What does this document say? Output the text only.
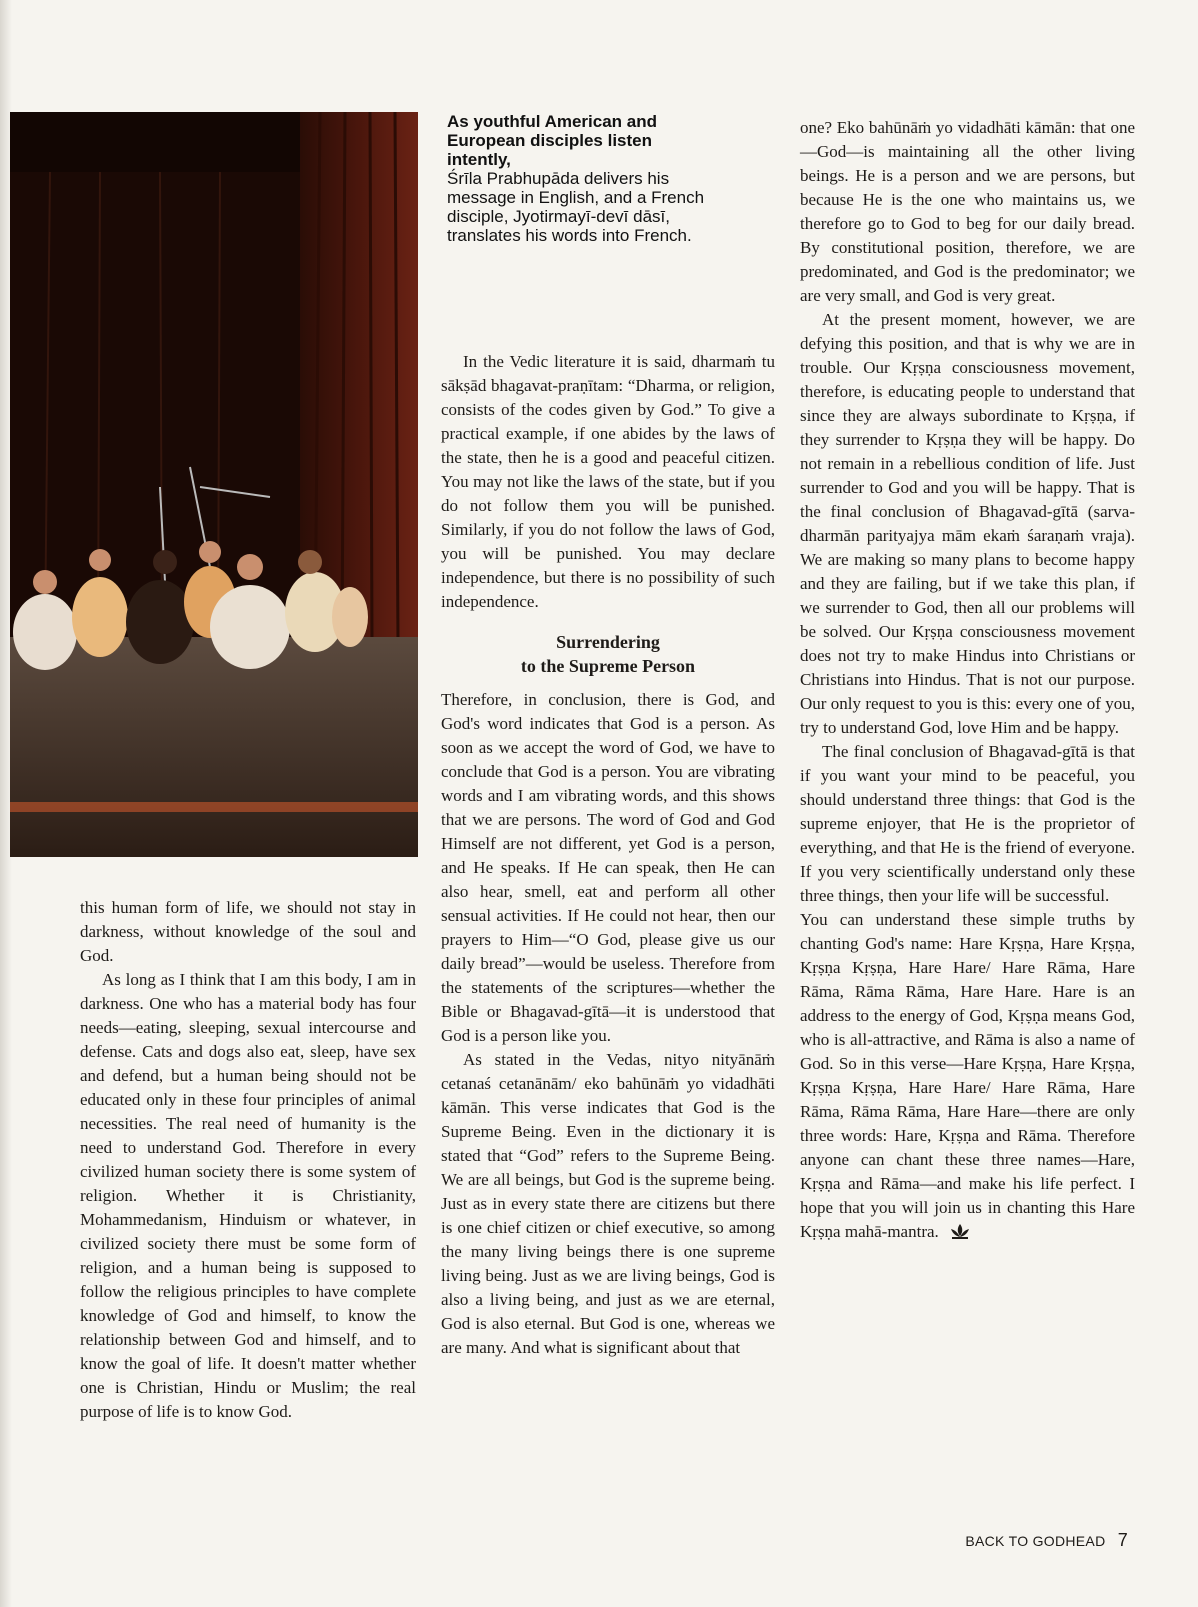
As youthful American and European disciples listen intently,
Śrīla Prabhupāda delivers his message in English, and a French disciple, Jyotirmayī-devī dāsī, translates his words into French.

this human form of life, we should not stay in darkness, without knowledge of the soul and God.

As long as I think that I am this body, I am in darkness. One who has a material body has four needs—eating, sleeping, sexual intercourse and defense. Cats and dogs also eat, sleep, have sex and defend, but a human being should not be educated only in these four principles of animal necessities. The real need of humanity is the need to understand God. Therefore in every civilized human society there is some system of religion. Whether it is Christianity, Mohammedanism, Hinduism or whatever, in civilized society there must be some form of religion, and a human being is supposed to follow the religious principles to have complete knowledge of God and himself, to know the relationship between God and himself, and to know the goal of life. It doesn't matter whether one is Christian, Hindu or Muslim; the real purpose of life is to know God.

In the Vedic literature it is said, dharmaṁ tu sākṣād bhagavat-praṇītam: “Dharma, or religion, consists of the codes given by God.” To give a practical example, if one abides by the laws of the state, then he is a good and peaceful citizen. You may not like the laws of the state, but if you do not follow them you will be punished. Similarly, if you do not follow the laws of God, you will be punished. You may declare independence, but there is no possibility of such independence.

Surrendering
to the Supreme Person

Therefore, in conclusion, there is God, and God's word indicates that God is a person. As soon as we accept the word of God, we have to conclude that God is a person. You are vibrating words and I am vibrating words, and this shows that we are persons. The word of God and God Himself are not different, yet God is a person, and He speaks. If He can speak, then He can also hear, smell, eat and perform all other sensual activities. If He could not hear, then our prayers to Him—“O God, please give us our daily bread”—would be useless. Therefore from the statements of the scriptures—whether the Bible or Bhagavad-gītā—it is understood that God is a person like you.

As stated in the Vedas, nityo nityānāṁ cetanaś cetanānām/ eko bahūnāṁ yo vidadhāti kāmān. This verse indicates that God is the Supreme Being. Even in the dictionary it is stated that “God” refers to the Supreme Being. We are all beings, but God is the supreme being. Just as in every state there are citizens but there is one chief citizen or chief executive, so among the many living beings there is one supreme living being. Just as we are living beings, God is also a living being, and just as we are eternal, God is also eternal. But God is one, whereas we are many. And what is significant about that

one? Eko bahūnāṁ yo vidadhāti kāmān: that one—God—is maintaining all the other living beings. He is a person and we are persons, but because He is the one who maintains us, we therefore go to God to beg for our daily bread. By constitutional position, therefore, we are predominated, and God is the predominator; we are very small, and God is very great.

At the present moment, however, we are defying this position, and that is why we are in trouble. Our Kṛṣṇa consciousness movement, therefore, is educating people to understand that since they are always subordinate to Kṛṣṇa, if they surrender to Kṛṣṇa they will be happy. Do not remain in a rebellious condition of life. Just surrender to God and you will be happy. That is the final conclusion of Bhagavad-gītā (sarva-dharmān parityajya mām ekaṁ śaraṇaṁ vraja). We are making so many plans to become happy and they are failing, but if we take this plan, if we surrender to God, then all our problems will be solved. Our Kṛṣṇa consciousness movement does not try to make Hindus into Christians or Christians into Hindus. That is not our purpose. Our only request to you is this: every one of you, try to understand God, love Him and be happy.

The final conclusion of Bhagavad-gītā is that if you want your mind to be peaceful, you should understand three things: that God is the supreme enjoyer, that He is the proprietor of everything, and that He is the friend of everyone. If you very scientifically understand only these three things, then your life will be successful.

You can understand these simple truths by chanting God's name: Hare Kṛṣṇa, Hare Kṛṣṇa, Kṛṣṇa Kṛṣṇa, Hare Hare/ Hare Rāma, Hare Rāma, Rāma Rāma, Hare Hare. Hare is an address to the energy of God, Kṛṣṇa means God, who is all-attractive, and Rāma is also a name of God. So in this verse—Hare Kṛṣṇa, Hare Kṛṣṇa, Kṛṣṇa Kṛṣṇa, Hare Hare/ Hare Rāma, Hare Rāma, Rāma Rāma, Hare Hare—there are only three words: Hare, Kṛṣṇa and Rāma. Therefore anyone can chant these three names—Hare, Kṛṣṇa and Rāma—and make his life perfect. I hope that you will join us in chanting this Hare Kṛṣṇa mahā-mantra.

BACK TO GODHEAD 7
